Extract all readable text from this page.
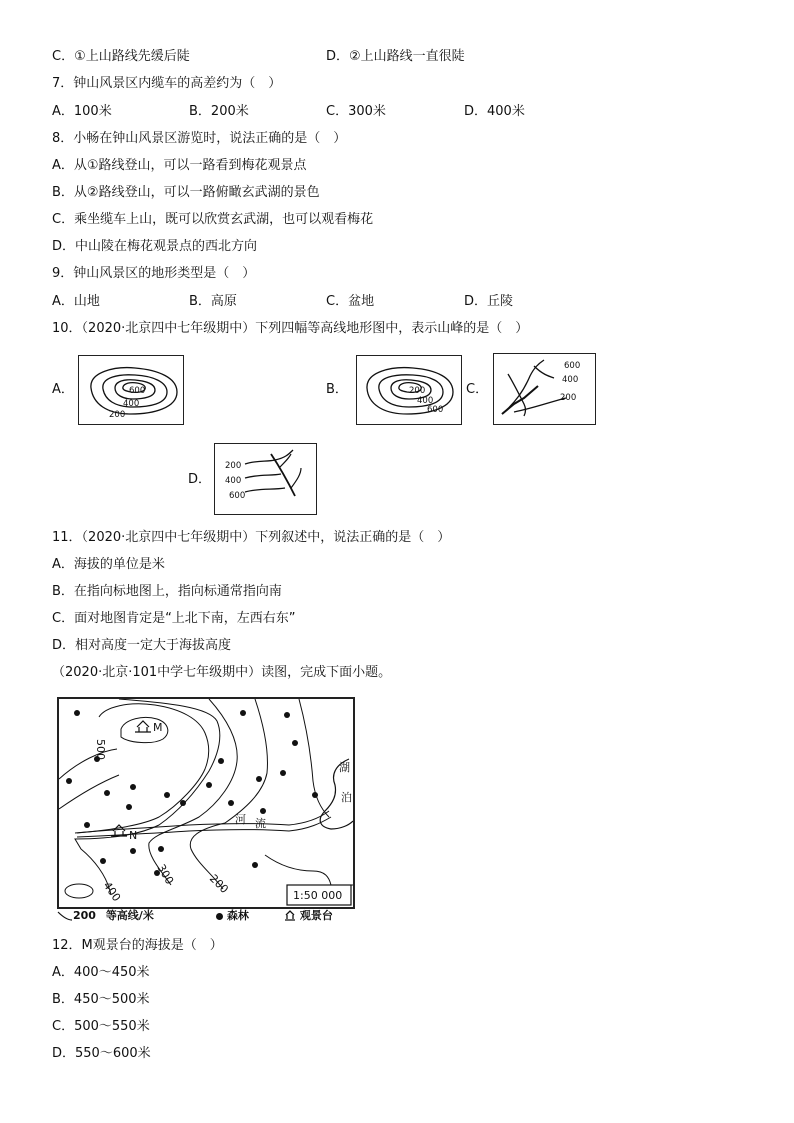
C．①上山路线先缓后陡	D．②上山路线一直很陡
7．钟山风景区内缆车的高差约为（　）
A．100米	B．200米	C．300米	D．400米
8．小畅在钟山风景区游览时，说法正确的是（　）
A．从①路线登山，可以一路看到梅花观景点
B．从②路线登山，可以一路俯瞰玄武湖的景色
C．乘坐缆车上山，既可以欣赏玄武湖，也可以观看梅花
D．中山陵在梅花观景点的西北方向
9．钟山风景区的地形类型是（　）
A．山地	B．高原	C．盆地	D．丘陵
10．（2020·北京四中七年级期中）下列四幅等高线地形图中，表示山峰的是（　）
A．	600
400
200
B．	200
400
600
C．
600
400
200
D．
200
400
600
11．（2020·北京四中七年级期中）下列叙述中，说法正确的是（　）
A．海拔的单位是米
B．在指向标地图上，指向标通常指向南
C．面对地图肯定是“上北下南，左西右东”
D．相对高度一定大于海拔高度
（2020·北京·101中学七年级期中）读图，完成下面小题。
500
M
N
400
300	200
河 流
湖
泊
1:50 000
200 等高线/米	森林	观景台
12．M观景台的海拔是（　）
A．400～450米
B．450～500米
C．500～550米
D．550～600米
